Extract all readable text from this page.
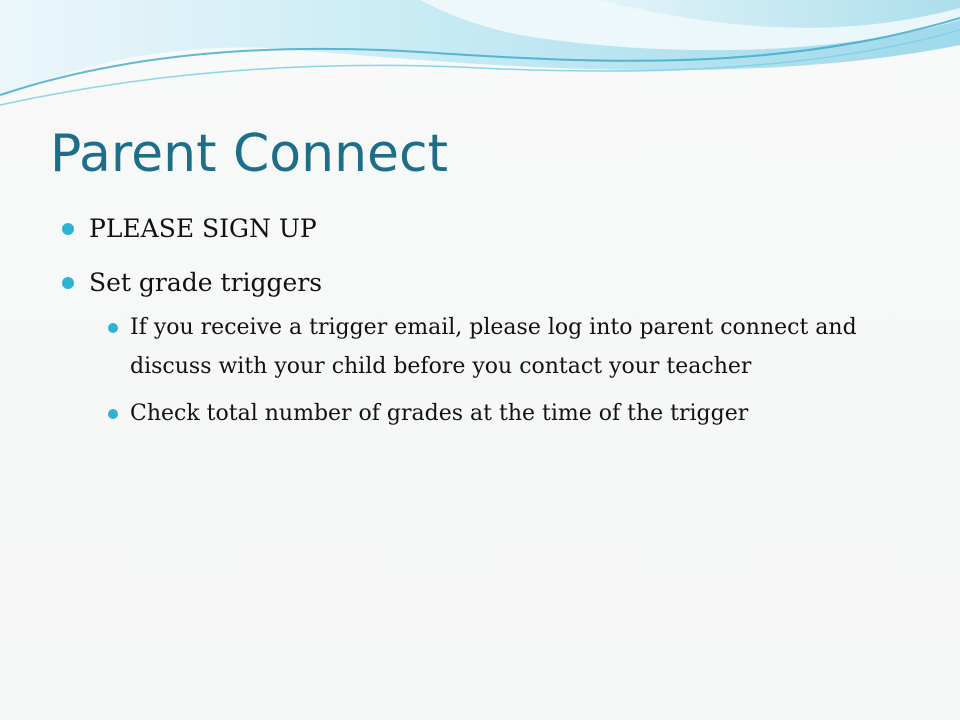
Parent Connect
PLEASE SIGN UP
Set grade triggers
If you receive a trigger email, please log into parent connect and discuss with your child before you contact your teacher
Check total number of grades at the time of the trigger
